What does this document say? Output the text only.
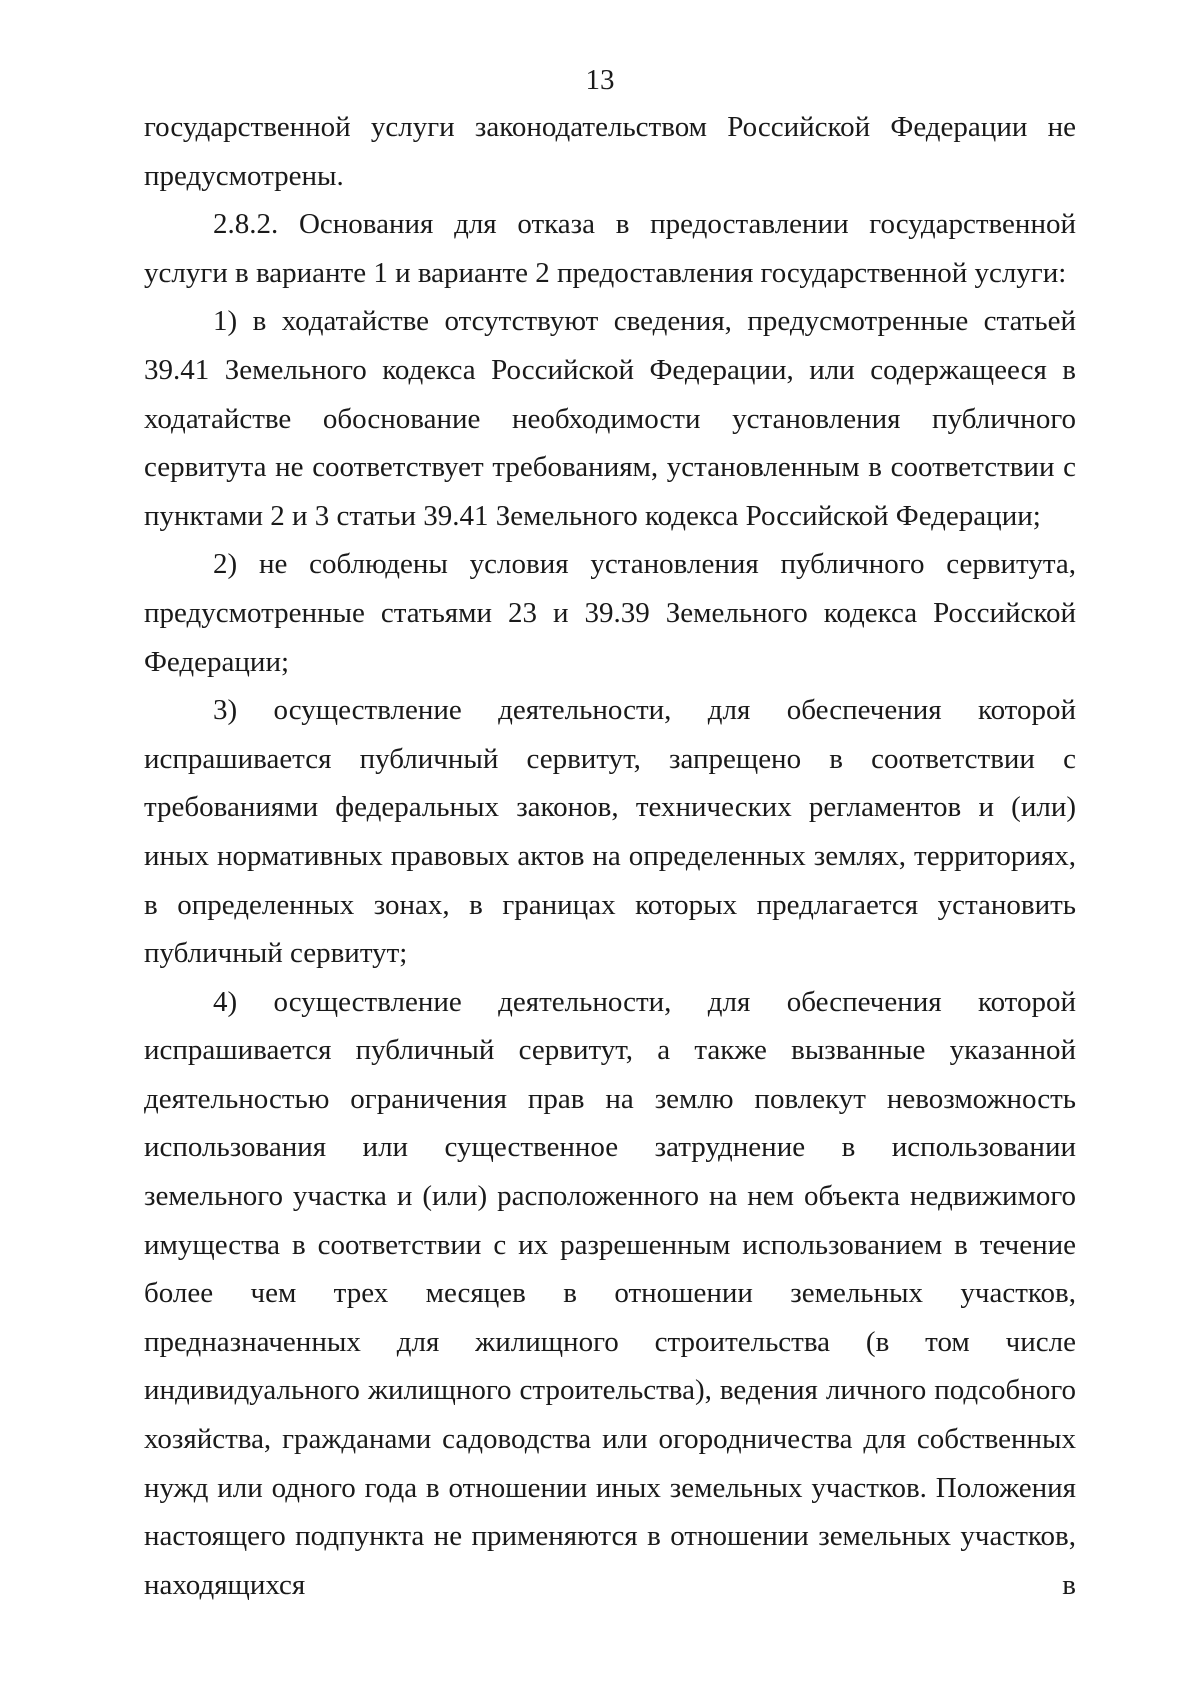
13

государственной услуги законодательством Российской Федерации не предусмотрены.

2.8.2. Основания для отказа в предоставлении государственной услуги в варианте 1 и варианте 2 предоставления государственной услуги:

1) в ходатайстве отсутствуют сведения, предусмотренные статьей 39.41 Земельного кодекса Российской Федерации, или содержащееся в ходатайстве обоснование необходимости установления публичного сервитута не соответствует требованиям, установленным в соответствии с пунктами 2 и 3 статьи 39.41 Земельного кодекса Российской Федерации;

2) не соблюдены условия установления публичного сервитута, предусмотренные статьями 23 и 39.39 Земельного кодекса Российской Федерации;

3) осуществление деятельности, для обеспечения которой испрашивается публичный сервитут, запрещено в соответствии с требованиями федеральных законов, технических регламентов и (или) иных нормативных правовых актов на определенных землях, территориях, в определенных зонах, в границах которых предлагается установить публичный сервитут;

4) осуществление деятельности, для обеспечения которой испрашивается публичный сервитут, а также вызванные указанной деятельностью ограничения прав на землю повлекут невозможность использования или существенное затруднение в использовании земельного участка и (или) расположенного на нем объекта недвижимого имущества в соответствии с их разрешенным использованием в течение более чем трех месяцев в отношении земельных участков, предназначенных для жилищного строительства (в том числе индивидуального жилищного строительства), ведения личного подсобного хозяйства, гражданами садоводства или огородничества для собственных нужд или одного года в отношении иных земельных участков. Положения настоящего подпункта не применяются в отношении земельных участков, находящихся в
